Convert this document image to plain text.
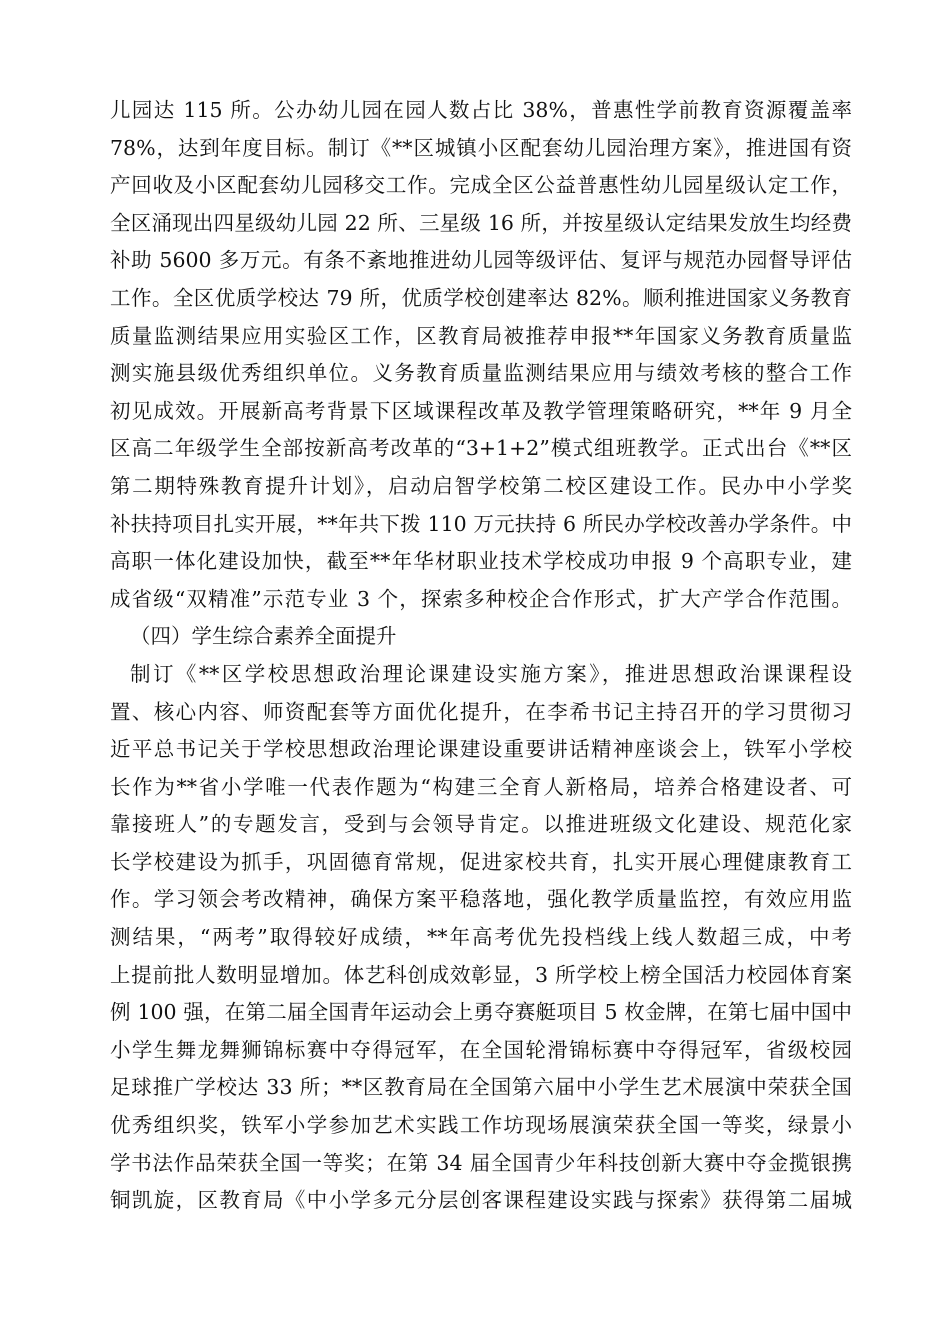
儿园达 115 所。公办幼儿园在园人数占比 38%，普惠性学前教育资源覆盖率
78%，达到年度目标。制订《**区城镇小区配套幼儿园治理方案》，推进国有资
产回收及小区配套幼儿园移交工作。完成全区公益普惠性幼儿园星级认定工作，
全区涌现出四星级幼儿园 22 所、三星级 16 所，并按星级认定结果发放生均经费
补助 5600 多万元。有条不紊地推进幼儿园等级评估、复评与规范办园督导评估
工作。全区优质学校达 79 所，优质学校创建率达 82%。顺利推进国家义务教育
质量监测结果应用实验区工作，区教育局被推荐申报**年国家义务教育质量监
测实施县级优秀组织单位。义务教育质量监测结果应用与绩效考核的整合工作
初见成效。开展新高考背景下区域课程改革及教学管理策略研究，**年 9 月全
区高二年级学生全部按新高考改革的“3+1+2”模式组班教学。正式出台《**区
第二期特殊教育提升计划》，启动启智学校第二校区建设工作。民办中小学奖
补扶持项目扎实开展，**年共下拨 110 万元扶持 6 所民办学校改善办学条件。中
高职一体化建设加快，截至**年华材职业技术学校成功申报 9 个高职专业，建
成省级“双精准”示范专业 3 个，探索多种校企合作形式，扩大产学合作范围。
（四）学生综合素养全面提升
制订《**区学校思想政治理论课建设实施方案》，推进思想政治课课程设
置、核心内容、师资配套等方面优化提升，在李希书记主持召开的学习贯彻习
近平总书记关于学校思想政治理论课建设重要讲话精神座谈会上，铁军小学校
长作为**省小学唯一代表作题为“构建三全育人新格局，培养合格建设者、可
靠接班人”的专题发言，受到与会领导肯定。以推进班级文化建设、规范化家
长学校建设为抓手，巩固德育常规，促进家校共育，扎实开展心理健康教育工
作。学习领会考改精神，确保方案平稳落地，强化教学质量监控，有效应用监
测结果，“两考”取得较好成绩，**年高考优先投档线上线人数超三成，中考
上提前批人数明显增加。体艺科创成效彰显，3 所学校上榜全国活力校园体育案
例 100 强，在第二届全国青年运动会上勇夺赛艇项目 5 枚金牌，在第七届中国中
小学生舞龙舞狮锦标赛中夺得冠军，在全国轮滑锦标赛中夺得冠军，省级校园
足球推广学校达 33 所；**区教育局在全国第六届中小学生艺术展演中荣获全国
优秀组织奖，铁军小学参加艺术实践工作坊现场展演荣获全国一等奖，绿景小
学书法作品荣获全国一等奖；在第 34 届全国青少年科技创新大赛中夺金揽银携
铜凯旋，区教育局《中小学多元分层创客课程建设实践与探索》获得第二届城
